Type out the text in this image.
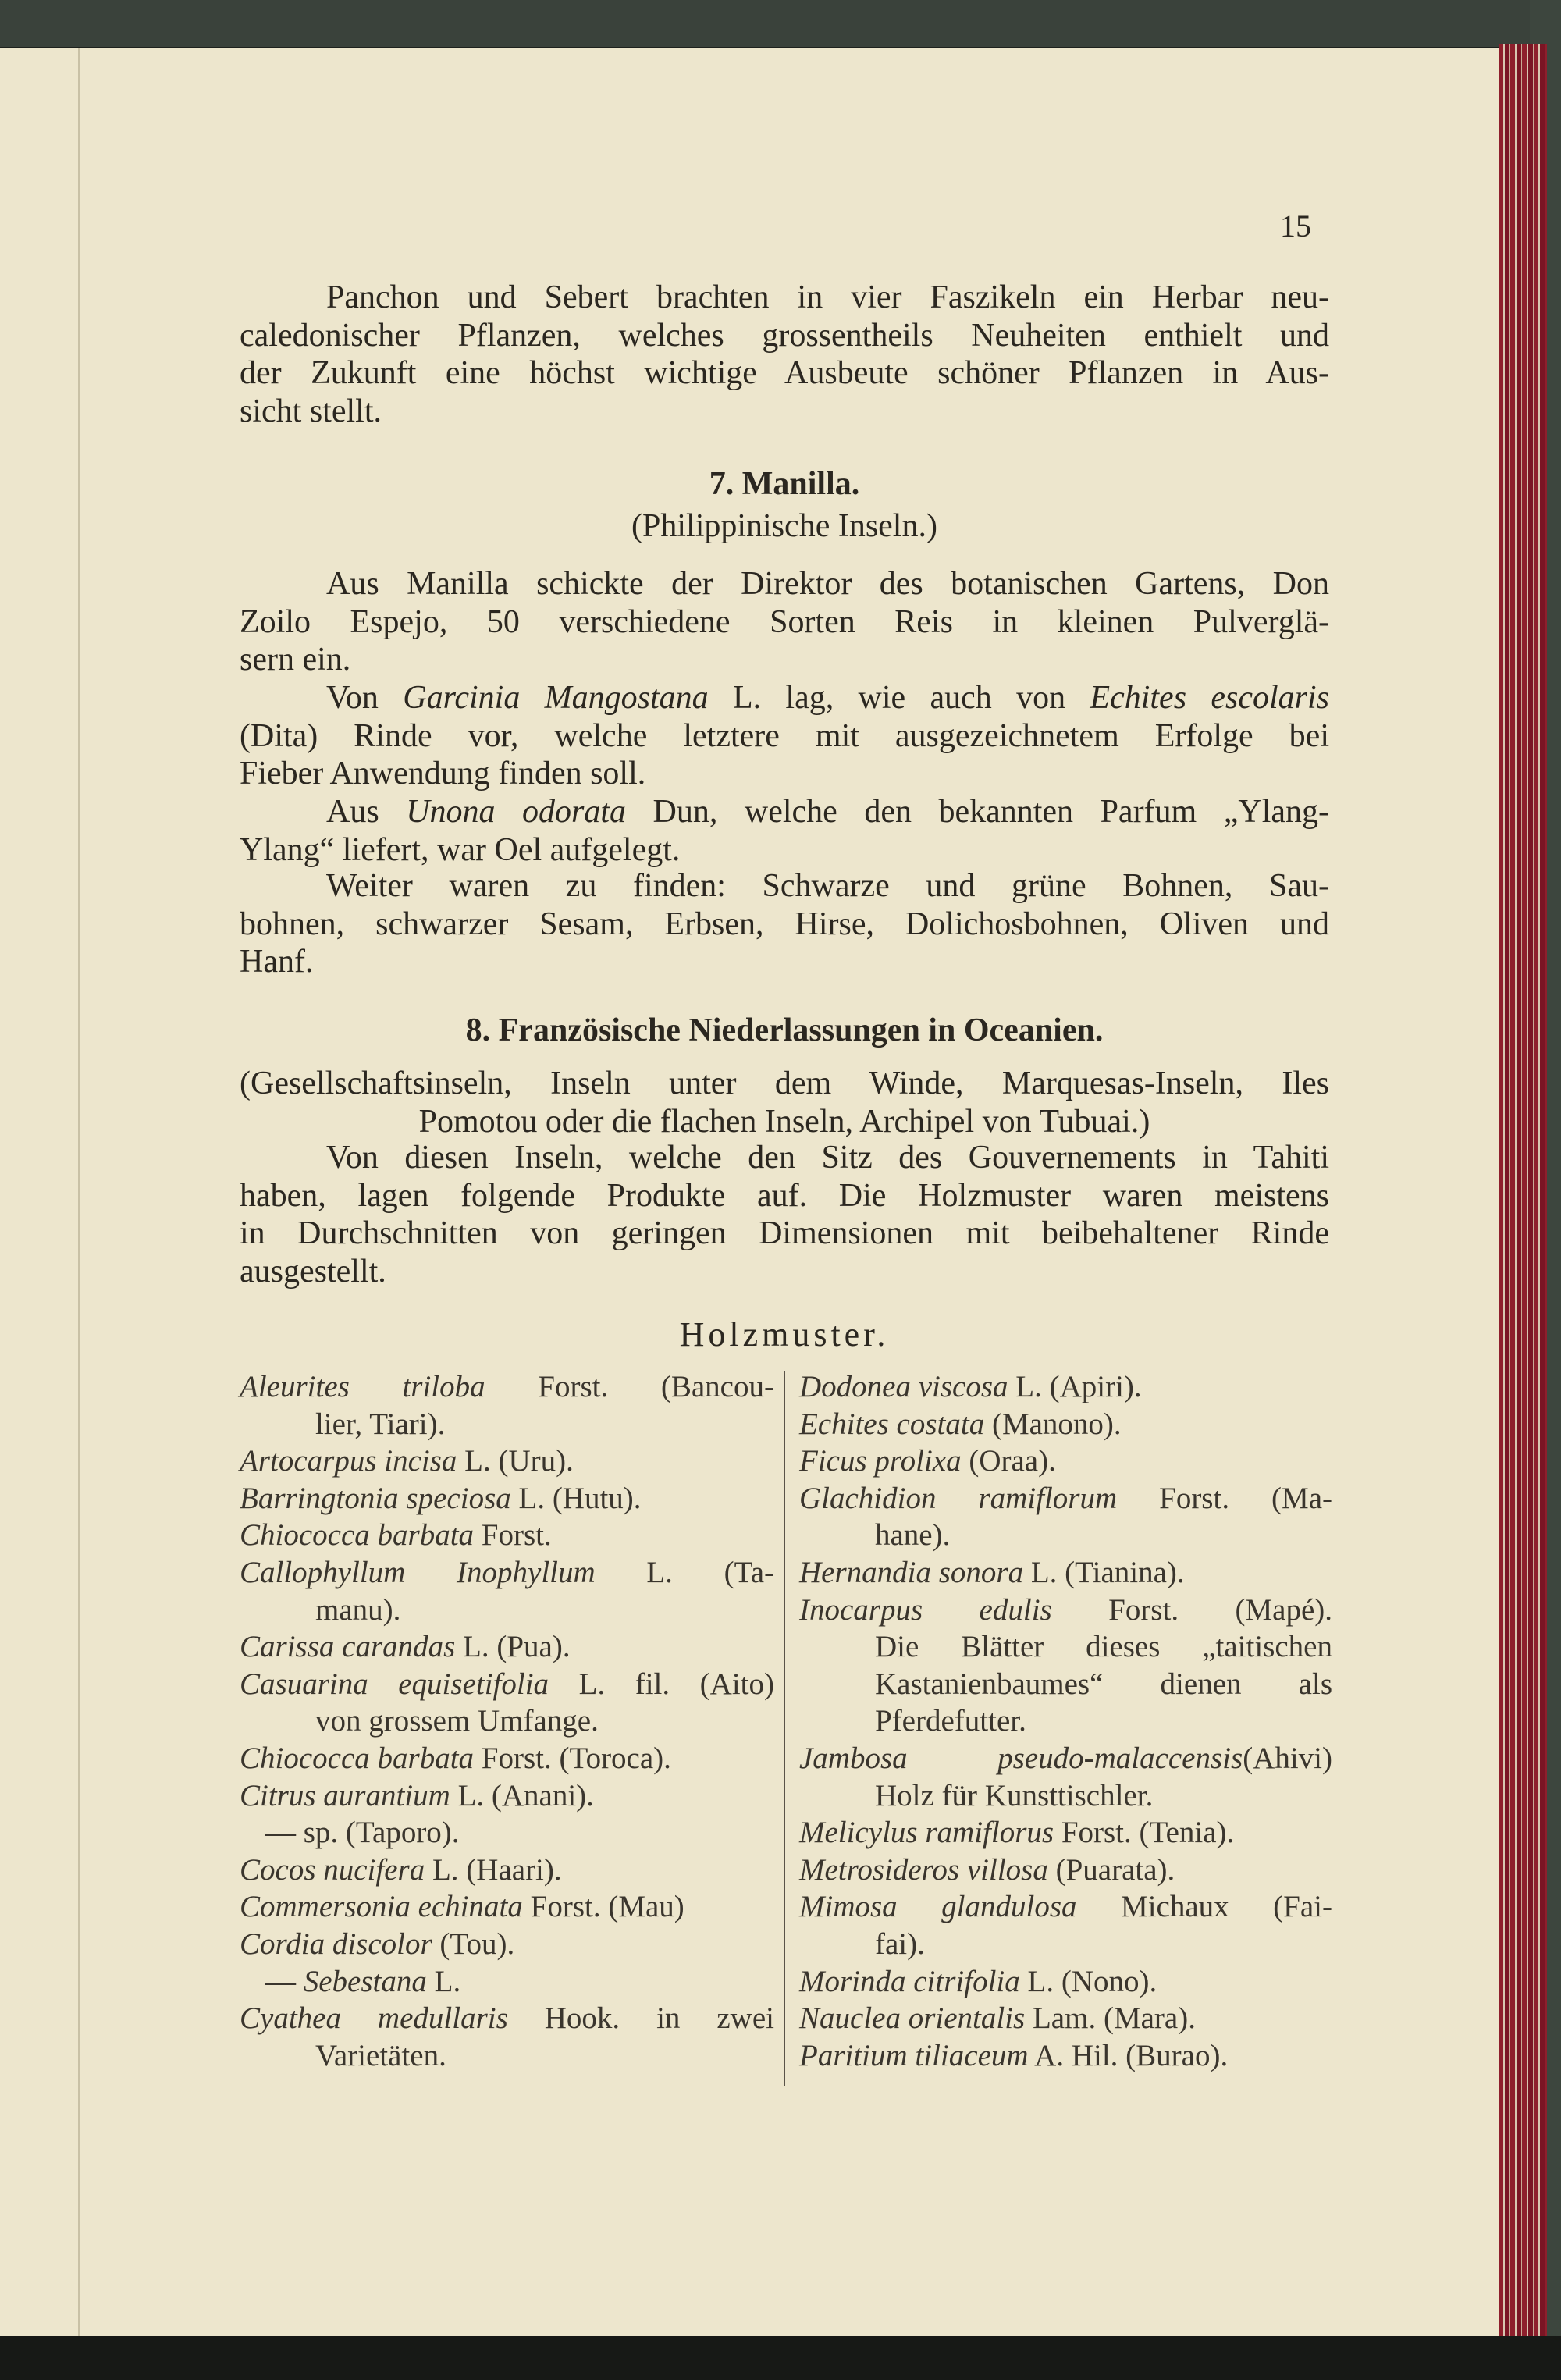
15
Panchon und Sebert brachten in vier Faszikeln ein Herbar neu-
caledonischer Pflanzen, welches grossentheils Neuheiten enthielt und
der Zukunft eine höchst wichtige Ausbeute schöner Pflanzen in Aus-
sicht stellt.
7. Manilla.
(Philippinische Inseln.)
Aus Manilla schickte der Direktor des botanischen Gartens, Don
Zoilo Espejo, 50 verschiedene Sorten Reis in kleinen Pulverglä-
sern ein.
Von Garcinia Mangostana L. lag, wie auch von Echites escolaris
(Dita) Rinde vor, welche letztere mit ausgezeichnetem Erfolge bei
Fieber Anwendung finden soll.
Aus Unona odorata Dun, welche den bekannten Parfum „Ylang-
Ylang“ liefert, war Oel aufgelegt.
Weiter waren zu finden: Schwarze und grüne Bohnen, Sau-
bohnen, schwarzer Sesam, Erbsen, Hirse, Dolichosbohnen, Oliven und
Hanf.
8. Französische Niederlassungen in Oceanien.
(Gesellschaftsinseln, Inseln unter dem Winde, Marquesas-Inseln, Iles
Pomotou oder die flachen Inseln, Archipel von Tubuai.)
Von diesen Inseln, welche den Sitz des Gouvernements in Tahiti
haben, lagen folgende Produkte auf. Die Holzmuster waren meistens
in Durchschnitten von geringen Dimensionen mit beibehaltener Rinde
ausgestellt.
Holzmuster.
Aleurites triloba Forst. (Bancou-
lier, Tiari).
Artocarpus incisa L. (Uru).
Barringtonia speciosa L. (Hutu).
Chiococca barbata Forst.
Callophyllum Inophyllum L. (Ta-
manu).
Carissa carandas L. (Pua).
Casuarina equisetifolia L. fil. (Aito)
von grossem Umfange.
Chiococca barbata Forst. (Toroca).
Citrus aurantium L. (Anani).
— sp. (Taporo).
Cocos nucifera L. (Haari).
Commersonia echinata Forst. (Mau)
Cordia discolor (Tou).
— Sebestana L.
Cyathea medullaris Hook. in zwei
Varietäten.
Dodonea viscosa L. (Apiri).
Echites costata (Manono).
Ficus prolixa (Oraa).
Glachidion ramiflorum Forst. (Ma-
hane).
Hernandia sonora L. (Tianina).
Inocarpus edulis Forst. (Mapé).
Die Blätter dieses „taitischen
Kastanienbaumes“ dienen als
Pferdefutter.
Jambosa pseudo-malaccensis(Ahivi)
Holz für Kunsttischler.
Melicylus ramiflorus Forst. (Tenia).
Metrosideros villosa (Puarata).
Mimosa glandulosa Michaux (Fai-
fai).
Morinda citrifolia L. (Nono).
Nauclea orientalis Lam. (Mara).
Paritium tiliaceum A. Hil. (Burao).
